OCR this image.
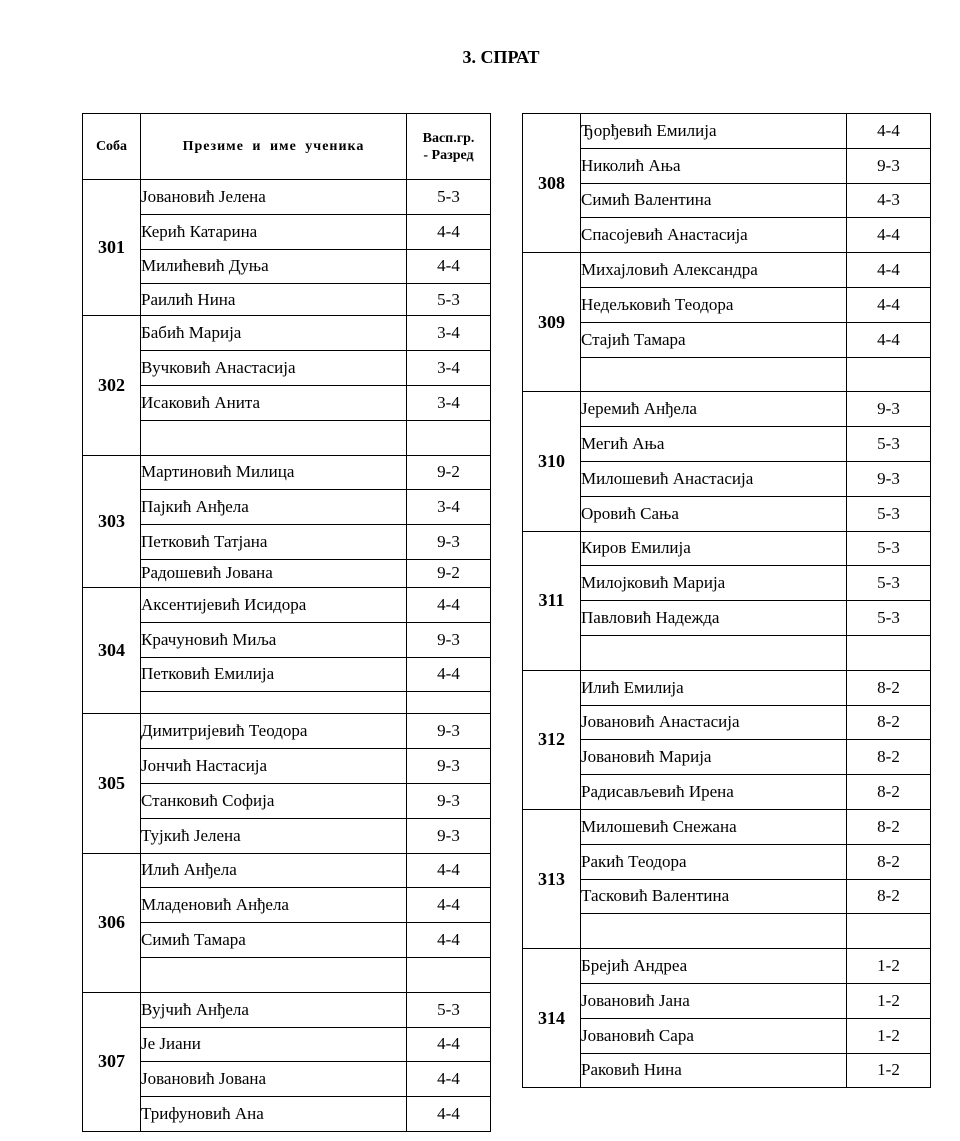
3. СПРАТ
Соба	Презиме и име ученика	Васп.гр.
- Разред
301	Јовановић Јелена	5-3
	Керић Катарина	4-4
	Милићевић Дуња	4-4
	Раилић Нина	5-3
302	Бабић Марија	3-4
	Вучковић Анастасија	3-4
	Исаковић Анита	3-4

303	Мартиновић Милица	9-2
	Пајкић Анђела	3-4
	Петковић Татјана	9-3
	Радошевић Јована	9-2
304	Аксентијевић Исидора	4-4
	Крачуновић Миља	9-3
	Петковић Емилија	4-4

305	Димитријевић Теодора	9-3
	Јончић Настасија	9-3
	Станковић Софија	9-3
	Тујкић Јелена	9-3
306	Илић Анђела	4-4
	Младеновић Анђела	4-4
	Симић Тамара	4-4

307	Вујчић Анђела	5-3
	Је Јиани	4-4
	Јовановић Јована	4-4
	Трифуновић Ана	4-4
308	Ђорђевић Емилија	4-4
	Николић Ања	9-3
	Симић Валентина	4-3
	Спасојевић Анастасија	4-4
309	Михајловић Александра	4-4
	Недељковић Теодора	4-4
	Стајић Тамара	4-4

310	Јеремић Анђела	9-3
	Мегић Ања	5-3
	Милошевић Анастасија	9-3
	Оровић Сања	5-3
311	Киров Емилија	5-3
	Милојковић Марија	5-3
	Павловић Надежда	5-3

312	Илић Емилија	8-2
	Јовановић Анастасија	8-2
	Јовановић Марија	8-2
	Радисављевић Ирена	8-2
313	Милошевић Снежана	8-2
	Ракић Теодора	8-2
	Тасковић Валентина	8-2

314	Брејић Андреа	1-2
	Јовановић Јана	1-2
	Јовановић Сара	1-2
	Раковић Нина	1-2
